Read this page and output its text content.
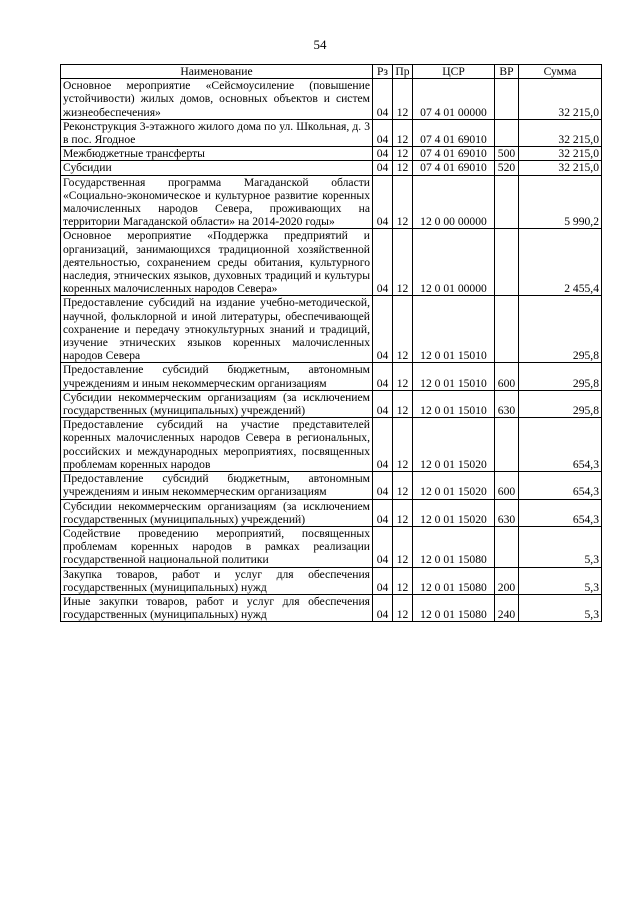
54
Наименование	Рз	Пр	ЦСР	ВР	Сумма
Основное мероприятие «Сейсмоусиление (повышение устойчивости) жилых домов, основных объектов и систем жизнеобеспечения»	04	12	07 4 01 00000		32 215,0
Реконструкция 3-этажного жилого дома по ул. Школьная, д. 3 в пос. Ягодное	04	12	07 4 01 69010		32 215,0
Межбюджетные трансферты	04	12	07 4 01 69010	500	32 215,0
Субсидии	04	12	07 4 01 69010	520	32 215,0
Государственная программа Магаданской области «Социально-экономическое и культурное развитие коренных малочисленных народов Севера, проживающих на территории Магаданской области» на 2014-2020 годы»	04	12	12 0 00 00000		5 990,2
Основное мероприятие «Поддержка предприятий и организаций, занимающихся традиционной хозяйственной деятельностью, сохранением среды обитания, культурного наследия, этнических языков, духовных традиций и культуры коренных малочисленных народов Севера»	04	12	12 0 01 00000		2 455,4
Предоставление субсидий на издание учебно-методической, научной, фольклорной и иной литературы, обеспечивающей сохранение и передачу этнокультурных знаний и традиций, изучение этнических языков коренных малочисленных народов Севера	04	12	12 0 01 15010		295,8
Предоставление субсидий бюджетным, автономным учреждениям и иным некоммерческим организациям	04	12	12 0 01 15010	600	295,8
Субсидии некоммерческим организациям (за исключением государственных (муниципальных) учреждений)	04	12	12 0 01 15010	630	295,8
Предоставление субсидий на участие представителей коренных малочисленных народов Севера в региональных, российских и международных мероприятиях, посвященных проблемам коренных народов	04	12	12 0 01 15020		654,3
Предоставление субсидий бюджетным, автономным учреждениям и иным некоммерческим организациям	04	12	12 0 01 15020	600	654,3
Субсидии некоммерческим организациям (за исключением государственных (муниципальных) учреждений)	04	12	12 0 01 15020	630	654,3
Содействие проведению мероприятий, посвященных проблемам коренных народов в рамках реализации государственной национальной политики	04	12	12 0 01 15080		5,3
Закупка товаров, работ и услуг для обеспечения государственных (муниципальных) нужд	04	12	12 0 01 15080	200	5,3
Иные закупки товаров, работ и услуг для обеспечения государственных (муниципальных) нужд	04	12	12 0 01 15080	240	5,3
